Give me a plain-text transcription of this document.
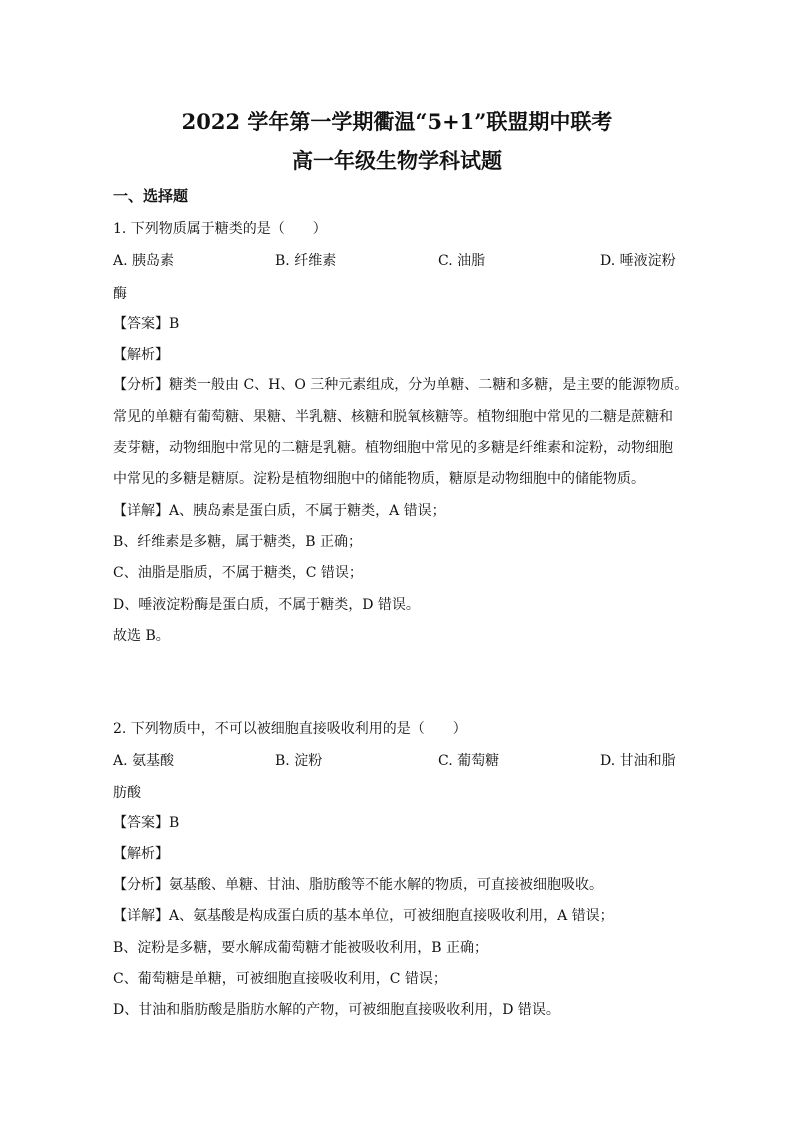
2022 学年第一学期衢温“5+1”联盟期中联考
高一年级生物学科试题
一、选择题
1. 下列物质属于糖类的是（　　）
A. 胰岛素	B. 纤维素	C. 油脂	D. 唾液淀粉
酶
【答案】B
【解析】
【分析】糖类一般由 C、H、O 三种元素组成，分为单糖、二糖和多糖，是主要的能源物质。
常见的单糖有葡萄糖、果糖、半乳糖、核糖和脱氧核糖等。植物细胞中常见的二糖是蔗糖和
麦芽糖，动物细胞中常见的二糖是乳糖。植物细胞中常见的多糖是纤维素和淀粉，动物细胞
中常见的多糖是糖原。淀粉是植物细胞中的储能物质，糖原是动物细胞中的储能物质。
【详解】A、胰岛素是蛋白质，不属于糖类，A 错误；
B、纤维素是多糖，属于糖类，B 正确；
C、油脂是脂质，不属于糖类，C 错误；
D、唾液淀粉酶是蛋白质，不属于糖类，D 错误。
故选 B。
2. 下列物质中，不可以被细胞直接吸收利用的是（　　）
A. 氨基酸	B. 淀粉	C. 葡萄糖	D. 甘油和脂
肪酸
【答案】B
【解析】
【分析】氨基酸、单糖、甘油、脂肪酸等不能水解的物质，可直接被细胞吸收。
【详解】A、氨基酸是构成蛋白质的基本单位，可被细胞直接吸收利用，A 错误；
B、淀粉是多糖，要水解成葡萄糖才能被吸收利用，B 正确；
C、葡萄糖是单糖，可被细胞直接吸收利用，C 错误；
D、甘油和脂肪酸是脂肪水解的产物，可被细胞直接吸收利用，D 错误。
